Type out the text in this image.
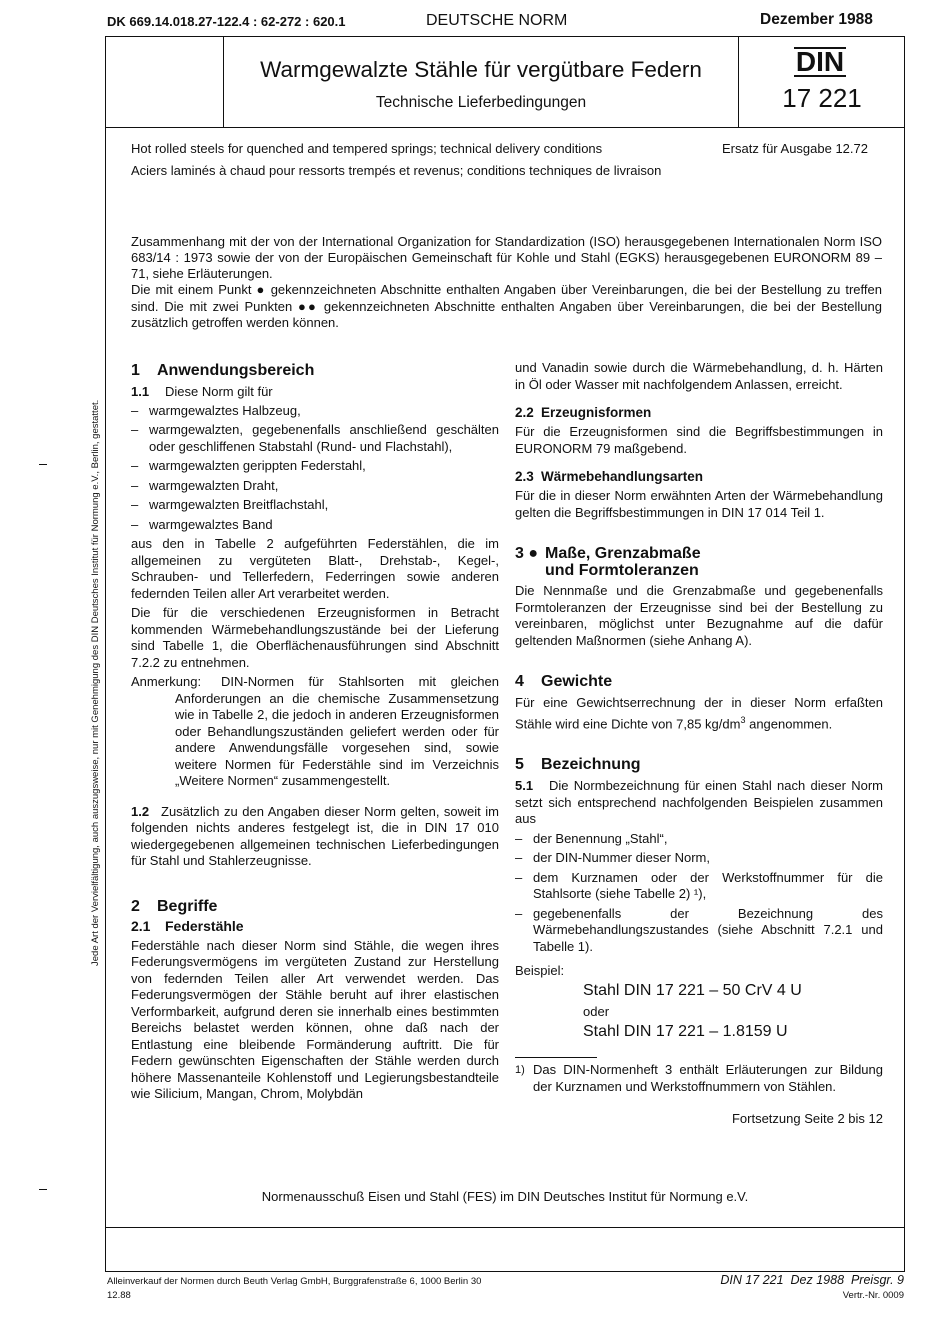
DK 669.14.018.27-122.4 : 62-272 : 620.1	DEUTSCHE NORM	Dezember 1988
Warmgewalzte Stähle für vergütbare Federn
Technische Lieferbedingungen
DIN
17 221
Hot rolled steels for quenched and tempered springs; technical delivery conditions
Aciers laminés à chaud pour ressorts trempés et revenus; conditions techniques de livraison
Ersatz für Ausgabe 12.72

Zusammenhang mit der von der International Organization for Standardization (ISO) herausgegebenen Internationalen Norm ISO 683/14 : 1973 sowie der von der Europäischen Gemeinschaft für Kohle und Stahl (EGKS) herausgegebenen EURONORM 89 – 71, siehe Erläuterungen.

Die mit einem Punkt ● gekennzeichneten Abschnitte enthalten Angaben über Vereinbarungen, die bei der Bestellung zu treffen sind. Die mit zwei Punkten ●● gekennzeichneten Abschnitte enthalten Angaben über Vereinbarungen, die bei der Bestellung zusätzlich getroffen werden können.

Jede Art der Vervielfältigung, auch auszugsweise, nur mit Genehmigung des DIN Deutsches Institut für Normung e.V., Berlin, gestattet.
1 Anwendungsbereich

1.1 Diese Norm gilt für

– warmgewalztes Halbzeug,
– warmgewalzten, gegebenenfalls anschließend geschälten oder geschliffenen Stabstahl (Rund- und Flachstahl),
– warmgewalzten gerippten Federstahl,
– warmgewalzten Draht,
– warmgewalzten Breitflachstahl,
– warmgewalztes Band

aus den in Tabelle 2 aufgeführten Federstählen, die im allgemeinen zu vergüteten Blatt-, Drehstab-, Kegel-, Schrauben- und Tellerfedern, Federringen sowie anderen federnden Teilen aller Art verarbeitet werden.

Die für die verschiedenen Erzeugnisformen in Betracht kommenden Wärmebehandlungszustände bei der Lieferung sind Tabelle 1, die Oberflächenausführungen sind Abschnitt 7.2.2 zu entnehmen.

Anmerkung:	DIN-Normen für Stahlsorten mit gleichen Anforderungen an die chemische Zusammensetzung wie in Tabelle 2, die jedoch in anderen Erzeugnisformen oder Behandlungszuständen geliefert werden oder für andere Anwendungsfälle vorgesehen sind, sowie weitere Normen für Federstähle sind im Verzeichnis „Weitere Normen“ zusammengestellt.

1.2 Zusätzlich zu den Angaben dieser Norm gelten, soweit im folgenden nichts anderes festgelegt ist, die in DIN 17 010 wiedergegebenen allgemeinen technischen Lieferbedingungen für Stahl und Stahlerzeugnisse.

2 Begriffe
2.1 Federstähle

Federstähle nach dieser Norm sind Stähle, die wegen ihres Federungsvermögens im vergüteten Zustand zur Herstellung von federnden Teilen aller Art verwendet werden. Das Federungsvermögen der Stähle beruht auf ihrer elastischen Verformbarkeit, aufgrund deren sie innerhalb eines bestimmten Bereichs belastet werden können, ohne daß nach der Entlastung eine bleibende Formänderung auftritt. Die für Federn gewünschten Eigenschaften der Stähle werden durch höhere Massenanteile Kohlenstoff und Legierungsbestandteile wie Silicium, Mangan, Chrom, Molybdän

und Vanadin sowie durch die Wärmebehandlung, d. h. Härten in Öl oder Wasser mit nachfolgendem Anlassen, erreicht.

2.2 Erzeugnisformen

Für die Erzeugnisformen sind die Begriffsbestimmungen in EURONORM 79 maßgebend.

2.3 Wärmebehandlungsarten

Für die in dieser Norm erwähnten Arten der Wärmebehandlung gelten die Begriffsbestimmungen in DIN 17 014 Teil 1.

3 ● Maße, Grenzabmaße
und Formtoleranzen

Die Nennmaße und die Grenzabmaße und gegebenenfalls Formtoleranzen der Erzeugnisse sind bei der Bestellung zu vereinbaren, möglichst unter Bezugnahme auf die dafür geltenden Maßnormen (siehe Anhang A).

4 Gewichte

Für eine Gewichtserrechnung der in dieser Norm erfaßten Stähle wird eine Dichte von 7,85 $kg/dm^3$ angenommen.

5 Bezeichnung

5.1 Die Normbezeichnung für einen Stahl nach dieser Norm setzt sich entsprechend nachfolgenden Beispielen zusammen aus

– der Benennung „Stahl“,
– der DIN-Nummer dieser Norm,
– dem Kurznamen oder der Werkstoffnummer für die Stahlsorte (siehe Tabelle 2) ¹),
– gegebenenfalls der Bezeichnung des Wärmebehandlungszustandes (siehe Abschnitt 7.2.1 und Tabelle 1).

Beispiel:

Stahl DIN 17 221 – 50 CrV 4 U

oder

Stahl DIN 17 221 – 1.8159 U

1) Das DIN-Normenheft 3 enthält Erläuterungen zur Bildung der Kurznamen und Werkstoffnummern von Stählen.

Fortsetzung Seite 2 bis 12

Normenausschuß Eisen und Stahl (FES) im DIN Deutsches Institut für Normung e.V.
Alleinverkauf der Normen durch Beuth Verlag GmbH, Burggrafenstraße 6, 1000 Berlin 30
12.88
DIN 17 221  Dez 1988  Preisgr. 9
Vertr.-Nr. 0009
